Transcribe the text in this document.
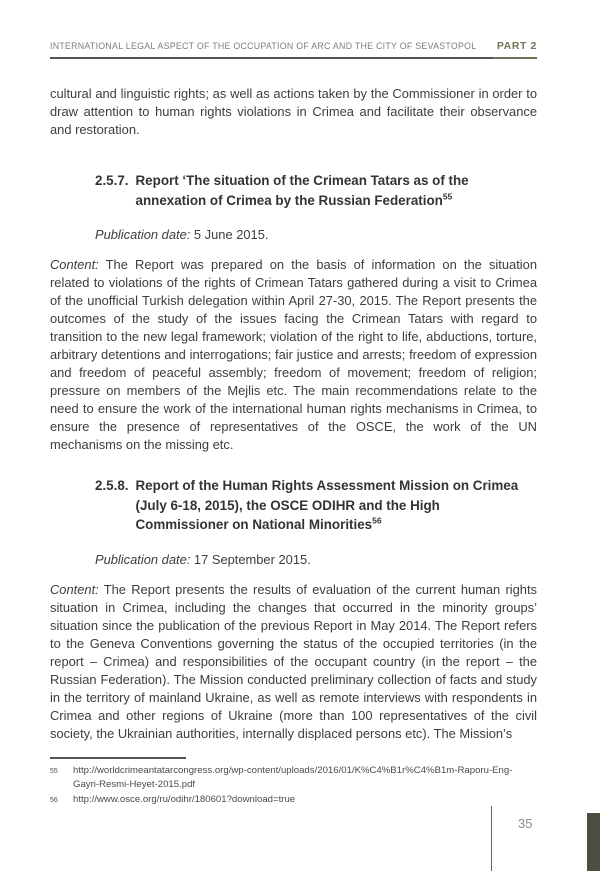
INTERNATIONAL LEGAL ASPECT OF THE OCCUPATION OF ARC AND THE CITY OF SEVASTOPOL PART 2

cultural and linguistic rights; as well as actions taken by the Commissioner in order to draw attention to human rights violations in Crimea and facilitate their observance and restoration.

2.5.7. Report ‘The situation of the Crimean Tatars as of the annexation of Crimea by the Russian Federation$^{55}$

Publication date: 5 June 2015.

Content: The Report was prepared on the basis of information on the situation related to violations of the rights of Crimean Tatars gathered during a visit to Crimea of the unofficial Turkish delegation within April 27-30, 2015. The Report presents the outcomes of the study of the issues facing the Crimean Tatars with regard to transition to the new legal framework; violation of the right to life, abductions, torture, arbitrary detentions and interrogations; fair justice and arrests; freedom of expression and freedom of peaceful assembly; freedom of movement; freedom of religion; pressure on members of the Mejlis etc. The main recommendations relate to the need to ensure the work of the international human rights mechanisms in Crimea, to ensure the presence of representatives of the OSCE, the work of the UN mechanisms on the missing etc.

2.5.8. Report of the Human Rights Assessment Mission on Crimea (July 6-18, 2015), the OSCE ODIHR and the High Commissioner on National Minorities$^{56}$

Publication date: 17 September 2015.

Content: The Report presents the results of evaluation of the current human rights situation in Crimea, including the changes that occurred in the minority groups’ situation since the publication of the previous Report in May 2014. The Report refers to the Geneva Conventions governing the status of the occupied territories (in the report – Crimea) and responsibilities of the occupant country (in the report – the Russian Federation). The Mission conducted preliminary collection of facts and study in the territory of mainland Ukraine, as well as remote interviews with respondents in Crimea and other regions of Ukraine (more than 100 representatives of the civil society, the Ukrainian authorities, internally displaced persons etc). The Mission’s

55	http://worldcrimeantatarcongress.org/wp-content/uploads/2016/01/K%C4%B1r%C4%B1m-Raporu-Eng-Gayri-Resmi-Heyet-2015.pdf
56	http://www.osce.org/ru/odihr/180601?download=true
35
